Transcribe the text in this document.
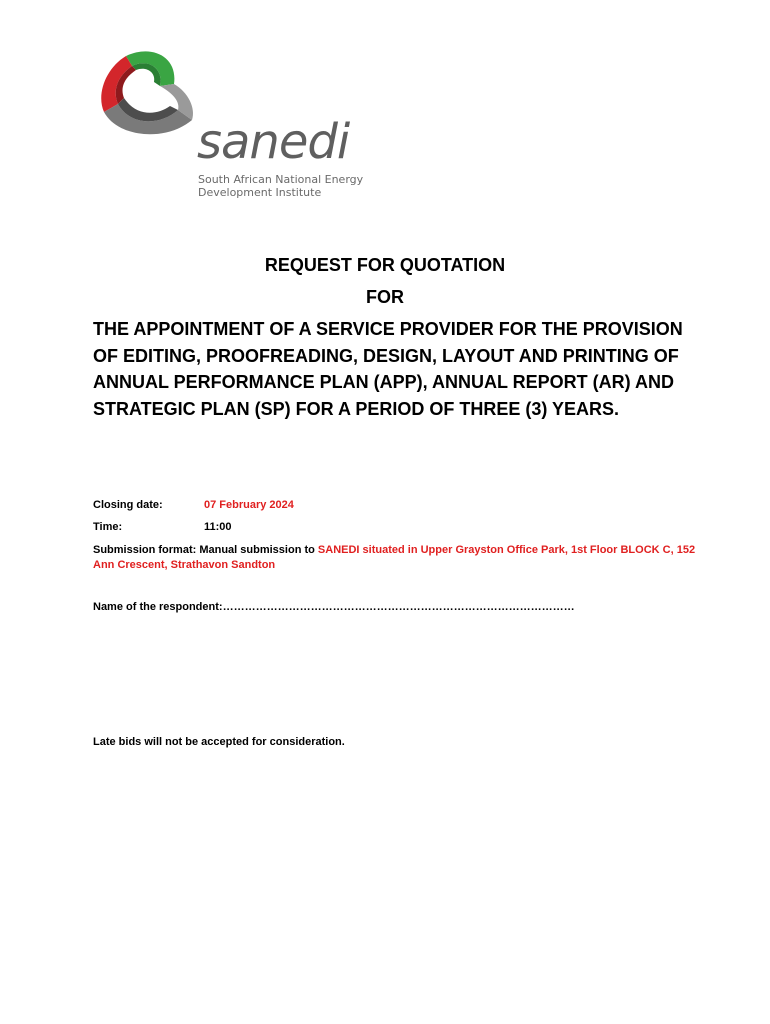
sanedi
South African National Energy
Development Institute
REQUEST FOR QUOTATION
FOR
THE APPOINTMENT OF A SERVICE PROVIDER FOR THE PROVISION OF EDITING, PROOFREADING, DESIGN, LAYOUT AND PRINTING OF ANNUAL PERFORMANCE PLAN (APP), ANNUAL REPORT (AR) AND STRATEGIC PLAN (SP) FOR A PERIOD OF THREE (3) YEARS.
Closing date:	07 February 2024
Time:	11:00
Submission format: Manual submission to SANEDI situated in Upper Grayston Office Park, 1st Floor BLOCK C, 152 Ann Crescent, Strathavon Sandton
Name of the respondent:……………………………………………………………………………………
Late bids will not be accepted for consideration.
